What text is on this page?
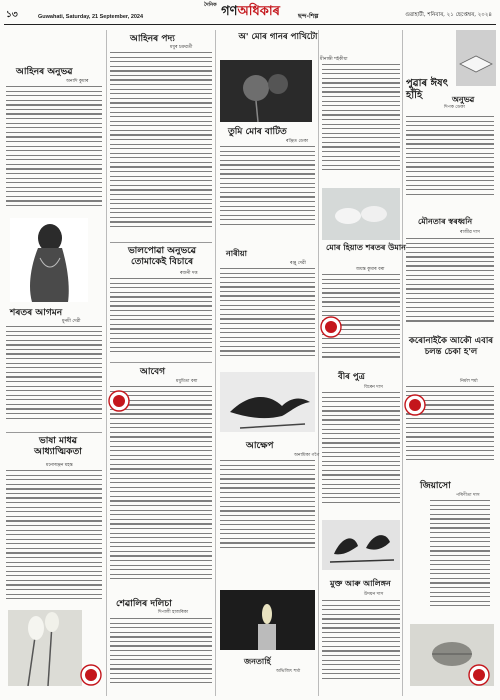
১৩	Guwahati, Saturday, 21 September, 2024
$^{দৈনিক}$ গণঅধিকাৰ	ছন্দ-শিল্প	গুৱাহাটী, শনিবাৰ, ২১ ছেপ্তেম্বৰ, ২০২৪
আহিনৰ অনুভৱ
অনাদি কুমাৰ
শৰতৰ আগমন
মুনমী দেৱী
ভাষা মাধৱ আধ্যাত্মিকতা
মনোৰঞ্জন মহন্ত
আহিনৰ পদ্য
মধুৰ চক্ৰৱৰ্তী
ভালপোৱা অনুভৱে তোমাকেই বিচাৰে
ৰজনী দত্ত
আবেগ
মধুমিতা বৰা
শেৱালিৰ দলিচা
দিপালী হাজৰিকা
তুমি মোৰ বাটিত
ৰঞ্জিত ডেকা
নাৰীয়া
ৰঞ্জু দেৱী
আক্ষেপ
অনামিকা গগৈ
জনতাৰ্হি
অভিজিৎ শৰ্মা
অ' মোৰ গানৰ পাখিটো
মীনাক্ষী শইকীয়া
মোৰ হিয়াত শৰতৰ উমান
জয়ন্ত কুমাৰ বৰা
বীৰ পুত্ৰ
বিৰেন দাস
মুক্ত আৰু আলিঙ্গন
উদয়ন দাস
পুৱাৰ ঈষৎ হাঁহি
দিপক ডেকা
অনুভৱ
মৌনতাৰ স্বৰধ্বনি
ৰাজীৱ দাস
কৰোনাইকৈ আকৌ এবাৰ চলন্ত চেকা হ'ল
নিৰ্মল শৰ্মা
জিয়াসো
পৰিণীতা দাস
